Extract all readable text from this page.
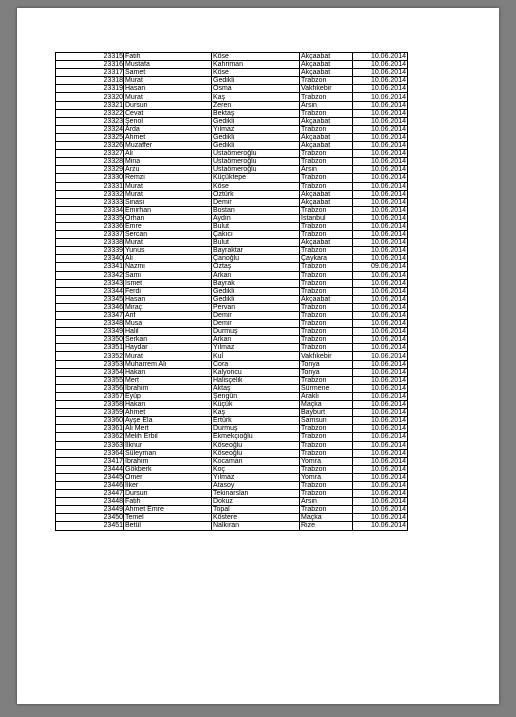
23315	Fatih	Köse	Akçaabat	10.06.2014
23316	Mustafa	Kahriman	Akçaabat	10.06.2014
23317	Samet	Köse	Akçaabat	10.06.2014
23318	Murat	Gedikli	Trabzon	10.06.2014
23319	Hasan	Osma	Vakfıkebir	10.06.2014
23320	Murat	Kaş	Trabzon	10.06.2014
23321	Dursun	Zeren	Arsin	10.06.2014
23322	Cevat	Bektaş	Trabzon	10.06.2014
23323	Şenol	Gedikli	Akçaabat	10.06.2014
23324	Arda	Yılmaz	Trabzon	10.06.2014
23325	Ahmet	Gedikli	Akçaabat	10.06.2014
23326	Muzaffer	Gedikli	Akçaabat	10.06.2014
23327	Ali	Ustaömeroğlu	Trabzon	10.06.2014
23328	Mina	Ustaömeroğlu	Trabzon	10.06.2014
23329	Arzu	Ustaömeroğlu	Arsin	10.06.2014
23330	Remzi	Küçüktepe	Trabzon	10.06.2014
23331	Murat	Köse	Trabzon	10.06.2014
23332	Murat	Öztürk	Akçaabat	10.06.2014
23333	Sinasi	Demir	Akçaabat	10.06.2014
23334	Emirhan	Bostan	Trabzon	10.06.2014
23335	Orhan	Aydın	İstanbul	10.06.2014
23336	Emre	Bulut	Trabzon	10.06.2014
23337	Sercan	Çakıcı	Trabzon	10.06.2014
23338	Murat	Bulut	Akçaabat	10.06.2014
23339	Yunus	Bayraktar	Trabzon	10.06.2014
23340	Ali	Çanoğlu	Çaykara	10.06.2014
23341	Nazmi	Öztaş	Trabzon	09.06.2014
23342	Sami	Arkan	Trabzon	10.06.2014
23343	İsmet	Bayrak	Trabzon	10.06.2014
23344	Ferdi	Gedikli	Trabzon	10.06.2014
23345	Hasan	Gedikli	Akçaabat	10.06.2014
23346	Miraç	Pervan	Trabzon	10.06.2014
23347	Arif	Demir	Trabzon	10.06.2014
23348	Musa	Demir	Trabzon	10.06.2014
23349	Halil	Durmuş	Trabzon	10.06.2014
23350	Serkan	Arkan	Trabzon	10.06.2014
23351	Haydar	Yılmaz	Trabzon	10.06.2014
23352	Murat	Kul	Vakfıkebir	10.06.2014
23353	Muharrem Ali	Cora	Tonya	10.06.2014
23354	Hakan	Kalyoncu	Tonya	10.06.2014
23355	Mert	Halisçelik	Trabzon	10.06.2014
23356	İbrahim	Aktaş	Sürmene	10.06.2014
23357	Eyüp	Şengün	Araklı	10.06.2014
23358	Hakan	Küçük	Maçka	10.06.2014
23359	Ahmet	Kaş	Bayburt	10.06.2014
23360	Ayşe Ela	Ertürk	Samsun	10.06.2014
23361	Ali Mert	Durmuş	Trabzon	10.06.2014
23362	Melih Erbil	Ekmekçioğlu	Trabzon	10.06.2014
23363	İlknur	Köseoğlu	Trabzon	10.06.2014
23364	Süleyman	Köseoğlu	Trabzon	10.06.2014
23417	İbrahim	Kocaman	Yomra	10.06.2014
23444	Gökberk	Koç	Trabzon	10.06.2014
23445	Ömer	Yılmaz	Yomra	10.06.2014
23446	İlker	Atasoy	Trabzon	10.06.2014
23447	Dursun	Tekinarslan	Trabzon	10.06.2014
23448	Fatih	Dokuz	Arsin	10.06.2014
23449	Ahmet Emre	Topal	Trabzon	10.06.2014
23450	Temel	Köstere	Maçka	10.06.2014
23451	Betül	Nalkıran	Rize	10.06.2014
